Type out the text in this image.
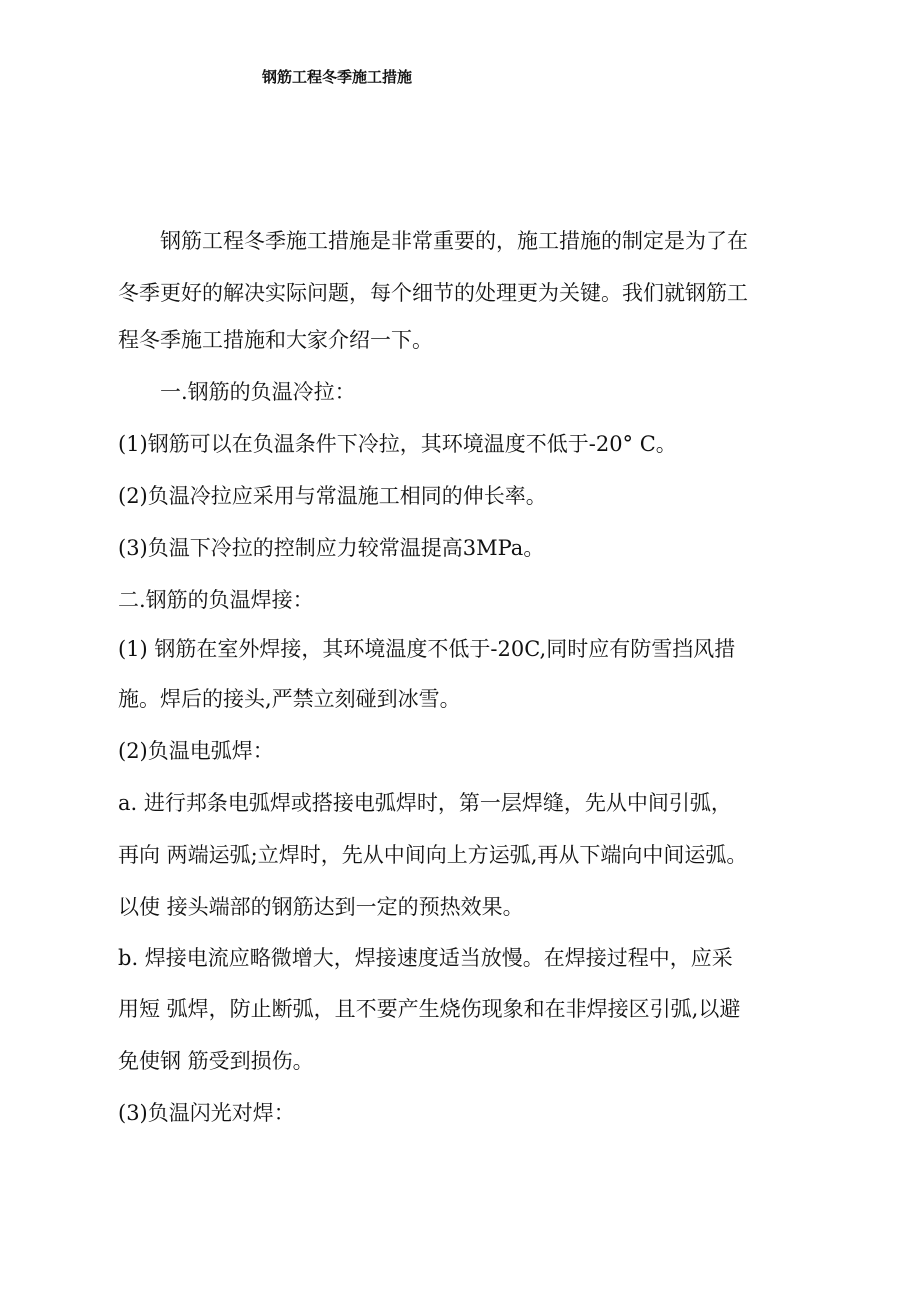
钢筋工程冬季施工措施
钢筋工程冬季施工措施是非常重要的，施工措施的制定是为了在
冬季更好的解决实际问题，每个细节的处理更为关键。我们就钢筋工
程冬季施工措施和大家介绍一下。
一.钢筋的负温冷拉：
(1)钢筋可以在负温条件下冷拉，其环境温度不低于-20° C。
(2)负温冷拉应采用与常温施工相同的伸长率。
(3)负温下冷拉的控制应力较常温提高3MPa。
二.钢筋的负温焊接：
(1) 钢筋在室外焊接，其环境温度不低于-20C,同时应有防雪挡风措
施。焊后的接头,严禁立刻碰到冰雪。
(2)负温电弧焊：
a. 进行邦条电弧焊或搭接电弧焊时，第一层焊缝，先从中间引弧，
再向 两端运弧;立焊时，先从中间向上方运弧,再从下端向中间运弧。
以使 接头端部的钢筋达到一定的预热效果。
b. 焊接电流应略微增大，焊接速度适当放慢。在焊接过程中，应采
用短 弧焊，防止断弧，且不要产生烧伤现象和在非焊接区引弧,以避
免使钢 筋受到损伤。
(3)负温闪光对焊：
